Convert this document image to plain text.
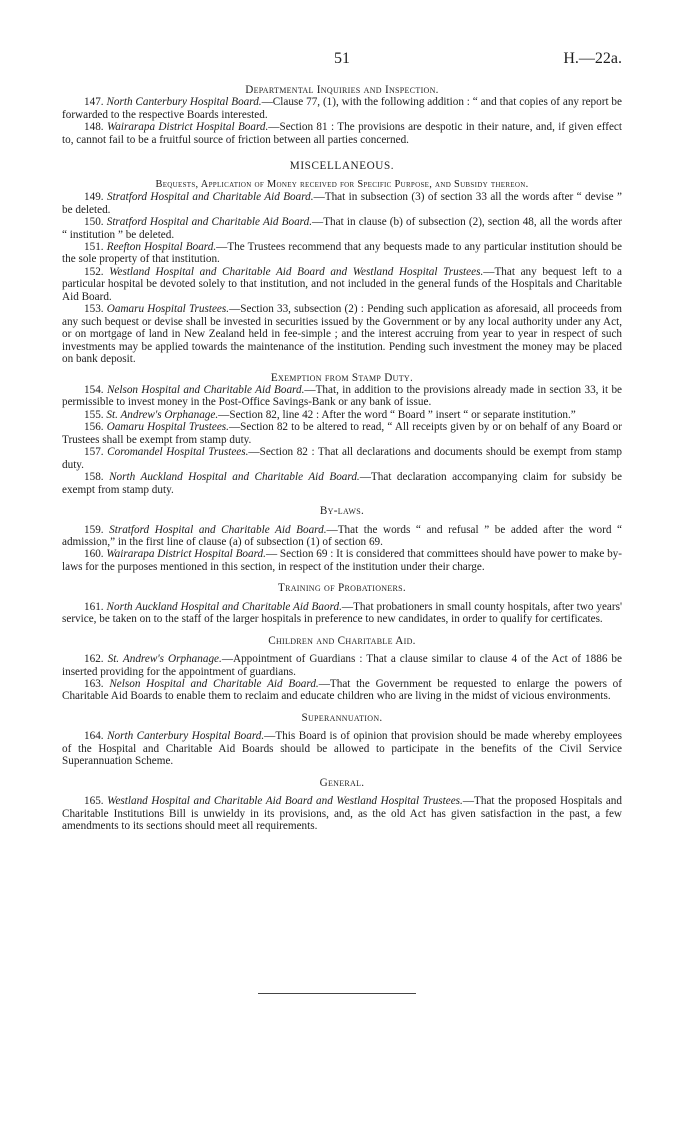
51	H.—22a.

Departmental Inquiries and Inspection.

147. North Canterbury Hospital Board.—Clause 77, (1), with the following addition : “ and that copies of any report be forwarded to the respective Boards interested.

148. Wairarapa District Hospital Board.—Section 81 : The provisions are despotic in their nature, and, if given effect to, cannot fail to be a fruitful source of friction between all parties concerned.

MISCELLANEOUS.

Bequests, Application of Money received for Specific Purpose, and Subsidy thereon.

149. Stratford Hospital and Charitable Aid Board.—That in subsection (3) of section 33 all the words after “ devise ” be deleted.

150. Stratford Hospital and Charitable Aid Board.—That in clause (b) of subsection (2), section 48, all the words after “ institution ” be deleted.

151. Reefton Hospital Board.—The Trustees recommend that any bequests made to any particular institution should be the sole property of that institution.

152. Westland Hospital and Charitable Aid Board and Westland Hospital Trustees.—That any bequest left to a particular hospital be devoted solely to that institution, and not included in the general funds of the Hospitals and Charitable Aid Board.

153. Oamaru Hospital Trustees.—Section 33, subsection (2) : Pending such application as aforesaid, all proceeds from any such bequest or devise shall be invested in securities issued by the Government or by any local authority under any Act, or on mortgage of land in New Zealand held in fee-simple ; and the interest accruing from year to year in respect of such investments may be applied towards the maintenance of the institution. Pending such investment the money may be placed on bank deposit.

Exemption from Stamp Duty.

154. Nelson Hospital and Charitable Aid Board.—That, in addition to the provisions already made in section 33, it be permissible to invest money in the Post-Office Savings-Bank or any bank of issue.

155. St. Andrew's Orphanage.—Section 82, line 42 : After the word “ Board ” insert “ or separate institution.”

156. Oamaru Hospital Trustees.—Section 82 to be altered to read, “ All receipts given by or on behalf of any Board or Trustees shall be exempt from stamp duty.

157. Coromandel Hospital Trustees.—Section 82 : That all declarations and documents should be exempt from stamp duty.

158. North Auckland Hospital and Charitable Aid Board.—That declaration accompanying claim for subsidy be exempt from stamp duty.

By-laws.

159. Stratford Hospital and Charitable Aid Board.—That the words “ and refusal ” be added after the word “ admission,” in the first line of clause (a) of subsection (1) of section 69.

160. Wairarapa District Hospital Board.— Section 69 : It is considered that committees should have power to make by-laws for the purposes mentioned in this section, in respect of the institution under their charge.

Training of Probationers.

161. North Auckland Hospital and Charitable Aid Baord.—That probationers in small county hospitals, after two years' service, be taken on to the staff of the larger hospitals in preference to new candidates, in order to qualify for certificates.

Children and Charitable Aid.

162. St. Andrew's Orphanage.—Appointment of Guardians : That a clause similar to clause 4 of the Act of 1886 be inserted providing for the appointment of guardians.

163. Nelson Hospital and Charitable Aid Board.—That the Government be requested to enlarge the powers of Charitable Aid Boards to enable them to reclaim and educate children who are living in the midst of vicious environments.

Superannuation.

164. North Canterbury Hospital Board.—This Board is of opinion that provision should be made whereby employees of the Hospital and Charitable Aid Boards should be allowed to participate in the benefits of the Civil Service Superannuation Scheme.

General.

165. Westland Hospital and Charitable Aid Board and Westland Hospital Trustees.—That the proposed Hospitals and Charitable Institutions Bill is unwieldy in its provisions, and, as the old Act has given satisfaction in the past, a few amendments to its sections should meet all requirements.
